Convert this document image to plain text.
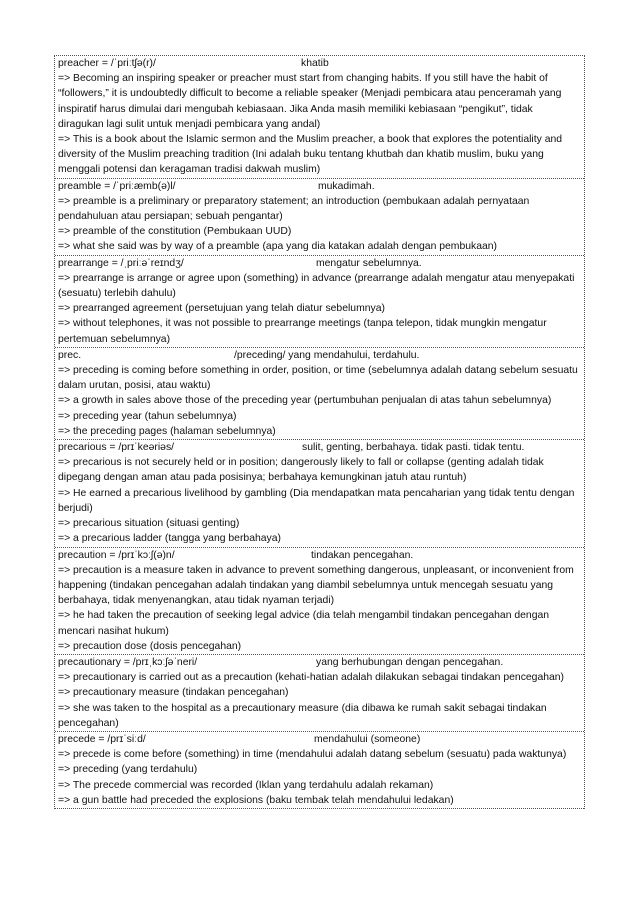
preacher = /ˈpriːtʃə(r)/	khatib
=> Becoming an inspiring speaker or preacher must start from changing habits. If you still have the habit of “followers,” it is undoubtedly difficult to become a reliable speaker (Menjadi pembicara atau penceramah yang inspiratif harus dimulai dari mengubah kebiasaan. Jika Anda masih memiliki kebiasaan “pengikut”, tidak diragukan lagi sulit untuk menjadi pembicara yang andal)
=> This is a book about the Islamic sermon and the Muslim preacher, a book that explores the potentiality and diversity of the Muslim preaching tradition (Ini adalah buku tentang khutbah dan khatib muslim, buku yang menggali potensi dan keragaman tradisi dakwah muslim)
preamble = /ˈpriːæmb(ə)l/	mukadimah.
=> preamble is a preliminary or preparatory statement; an introduction (pembukaan adalah pernyataan pendahuluan atau persiapan; sebuah pengantar)
=> preamble of the constitution (Pembukaan UUD)
=> what she said was by way of a preamble (apa yang dia katakan adalah dengan pembukaan)
prearrange = /ˌpriːəˈreɪndʒ/	mengatur sebelumnya.
=> prearrange is arrange or agree upon (something) in advance (prearrange adalah mengatur atau menyepakati (sesuatu) terlebih dahulu)
=> prearranged agreement (persetujuan yang telah diatur sebelumnya)
=> without telephones, it was not possible to prearrange meetings (tanpa telepon, tidak mungkin mengatur pertemuan sebelumnya)
prec.	/preceding/ yang mendahului, terdahulu.
=> preceding is coming before something in order, position, or time (sebelumnya adalah datang sebelum sesuatu dalam urutan, posisi, atau waktu)
=> a growth in sales above those of the preceding year (pertumbuhan penjualan di atas tahun sebelumnya)
=> preceding year (tahun sebelumnya)
=> the preceding pages (halaman sebelumnya)
precarious = /prɪˈkeəriəs/	sulit, genting, berbahaya. tidak pasti. tidak tentu.
=> precarious is not securely held or in position; dangerously likely to fall or collapse (genting adalah tidak dipegang dengan aman atau pada posisinya; berbahaya kemungkinan jatuh atau runtuh)
=> He earned a precarious livelihood by gambling (Dia mendapatkan mata pencaharian yang tidak tentu dengan berjudi)
=> precarious situation (situasi genting)
=> a precarious ladder (tangga yang berbahaya)
precaution = /prɪˈkɔːʃ(ə)n/	tindakan pencegahan.
=> precaution is a measure taken in advance to prevent something dangerous, unpleasant, or inconvenient from happening (tindakan pencegahan adalah tindakan yang diambil sebelumnya untuk mencegah sesuatu yang berbahaya, tidak menyenangkan, atau tidak nyaman terjadi)
=> he had taken the precaution of seeking legal advice (dia telah mengambil tindakan pencegahan dengan mencari nasihat hukum)
=> precaution dose (dosis pencegahan)
precautionary = /prɪˌkɔːʃəˈneri/	yang berhubungan dengan pencegahan.
=> precautionary is carried out as a precaution (kehati-hatian adalah dilakukan sebagai tindakan pencegahan)
=> precautionary measure (tindakan pencegahan)
=> she was taken to the hospital as a precautionary measure (dia dibawa ke rumah sakit sebagai tindakan pencegahan)
precede = /prɪˈsiːd/	mendahului (someone)
=> precede is come before (something) in time (mendahului adalah datang sebelum (sesuatu) pada waktunya)
=> preceding (yang terdahulu)
=> The precede commercial was recorded (Iklan yang terdahulu adalah rekaman)
=> a gun battle had preceded the explosions (baku tembak telah mendahului ledakan)
